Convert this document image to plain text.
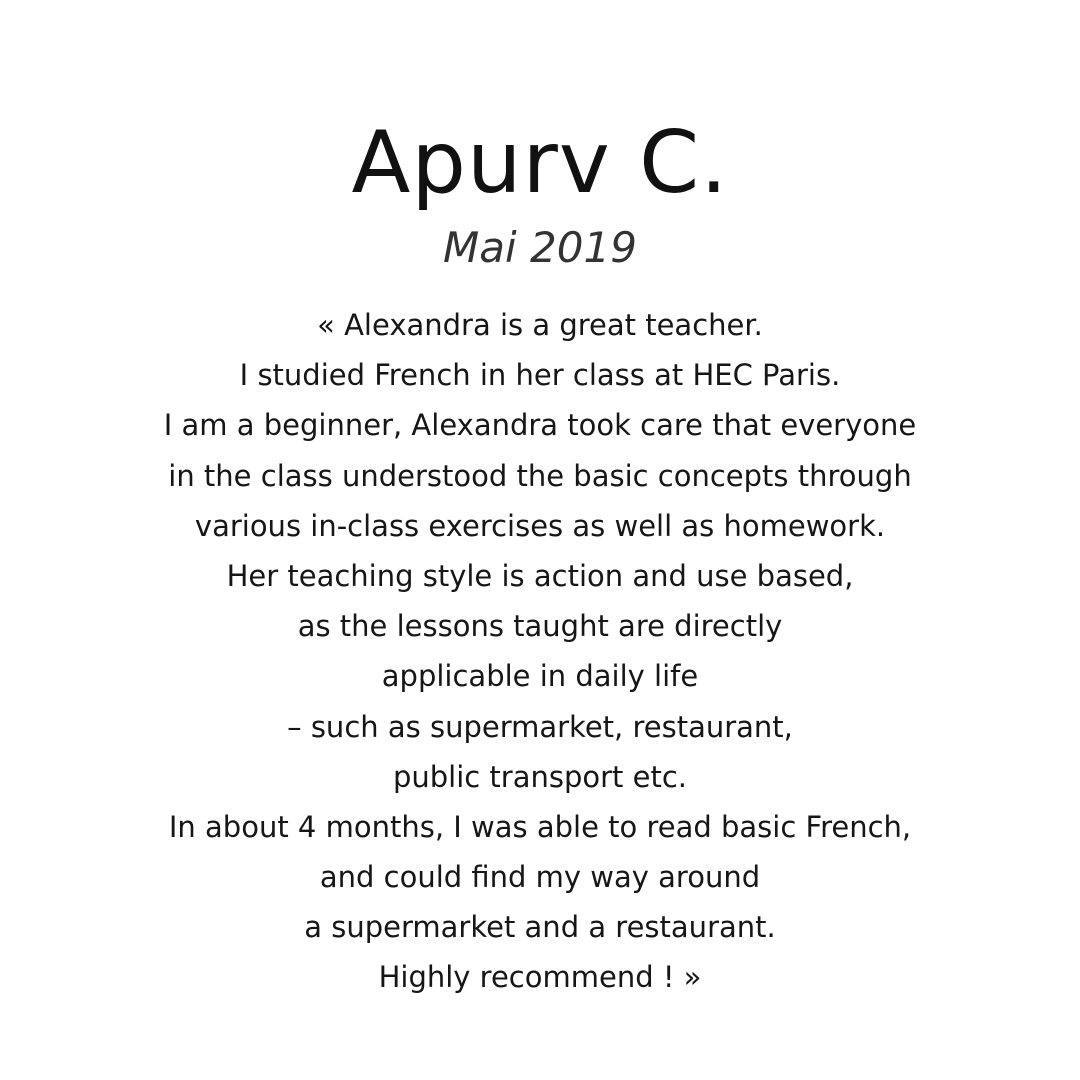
Apurv C.
Mai 2019
« Alexandra is a great teacher.
I studied French in her class at HEC Paris.
I am a beginner, Alexandra took care that everyone
in the class understood the basic concepts through
various in-class exercises as well as homework.
Her teaching style is action and use based,
as the lessons taught are directly
applicable in daily life
– such as supermarket, restaurant,
public transport etc.
In about 4 months, I was able to read basic French,
and could find my way around
a supermarket and a restaurant.
Highly recommend ! »
